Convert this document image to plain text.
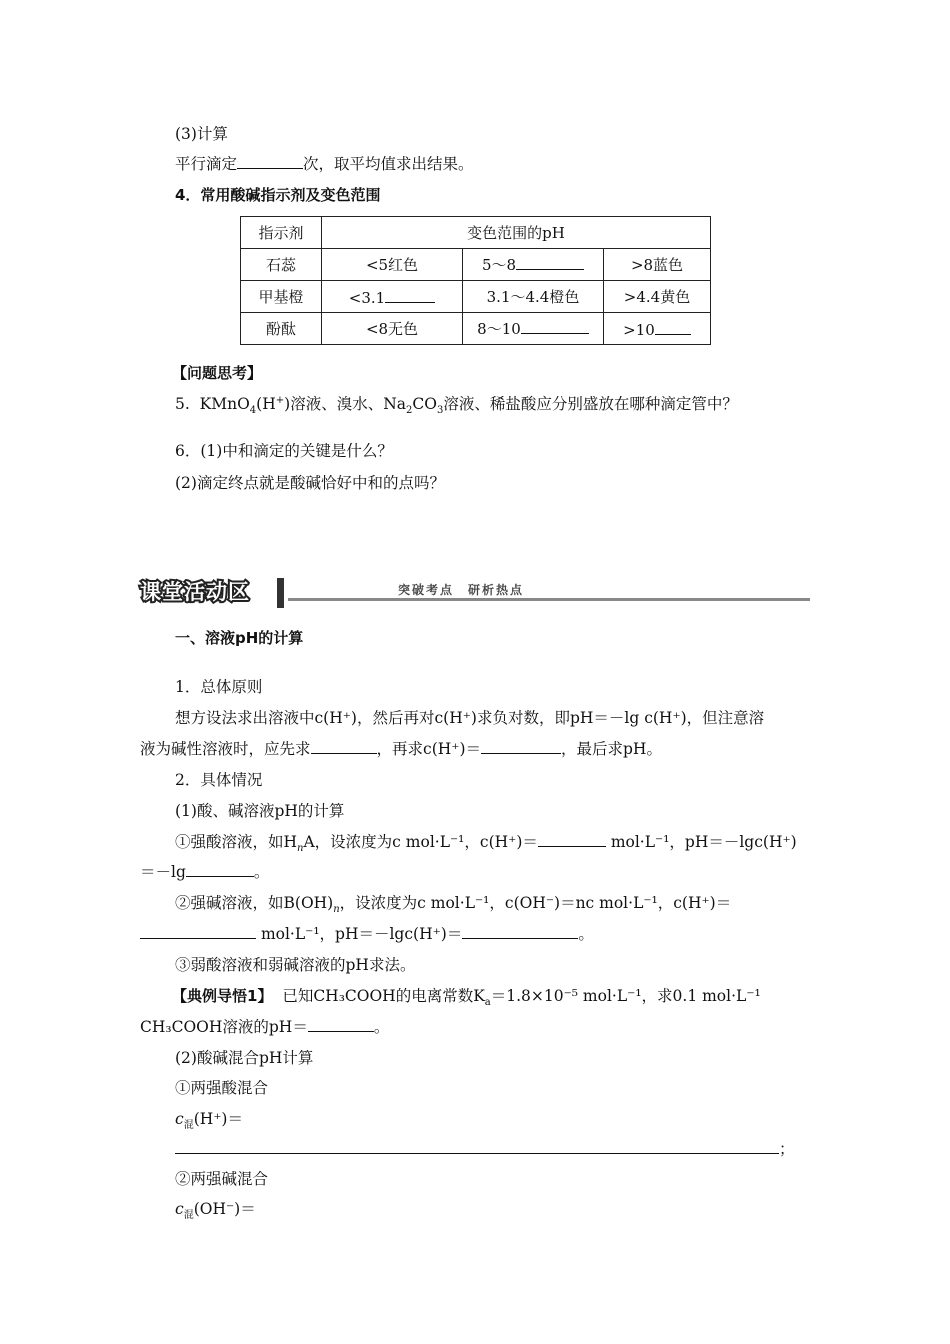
(3)计算
平行滴定	次，取平均值求出结果。
4．常用酸碱指示剂及变色范围
指示剂	变色范围的pH		
石蕊	<5红色	5～8	>8蓝色
甲基橙	<3.1	3.1～4.4橙色	>4.4黄色
酚酞	<8无色	8～10	>10
【问题思考】
5. KMnO$_4$(H+)溶液、溴水、$Na_2CO_3$溶液、稀盐酸应分别盛放在哪种滴定管中？
6．(1)中和滴定的关键是什么？
(2)滴定终点就是酸碱恰好中和的点吗？
课堂活动区	突破考点　研析热点
一、溶液pH的计算
1．总体原则
想方设法求出溶液中c(H⁺)，然后再对c(H⁺)求负对数，即pH＝－lg c(H⁺)，但注意溶
液为碱性溶液时，应先求	，再求c(H⁺)＝	，最后求pH。
2．具体情况
(1)酸、碱溶液pH的计算
①强酸溶液，如$H_nA$，设浓度为c mol·L⁻¹，c(H⁺)＝	mol·L⁻¹，pH＝－lgc(H⁺)
＝－lg	。
②强碱溶液，如$B(OH)_n$，设浓度为c mol·L⁻¹，c(OH⁻)＝nc mol·L⁻¹，c(H⁺)＝
mol·L⁻¹，pH＝－lgc(H⁺)＝	。
③弱酸溶液和弱碱溶液的pH求法。
【典例导悟1】 已知CH₃COOH的电离常数$K_a=1.8\times 10^{-5}$ mol·L⁻¹，求0.1 mol·L⁻¹
CH₃COOH溶液的pH＝	。
(2)酸碱混合pH计算
①两强酸混合
$c_混(H^+)=$
；
②两强碱混合
$c_混(OH^-)=$
